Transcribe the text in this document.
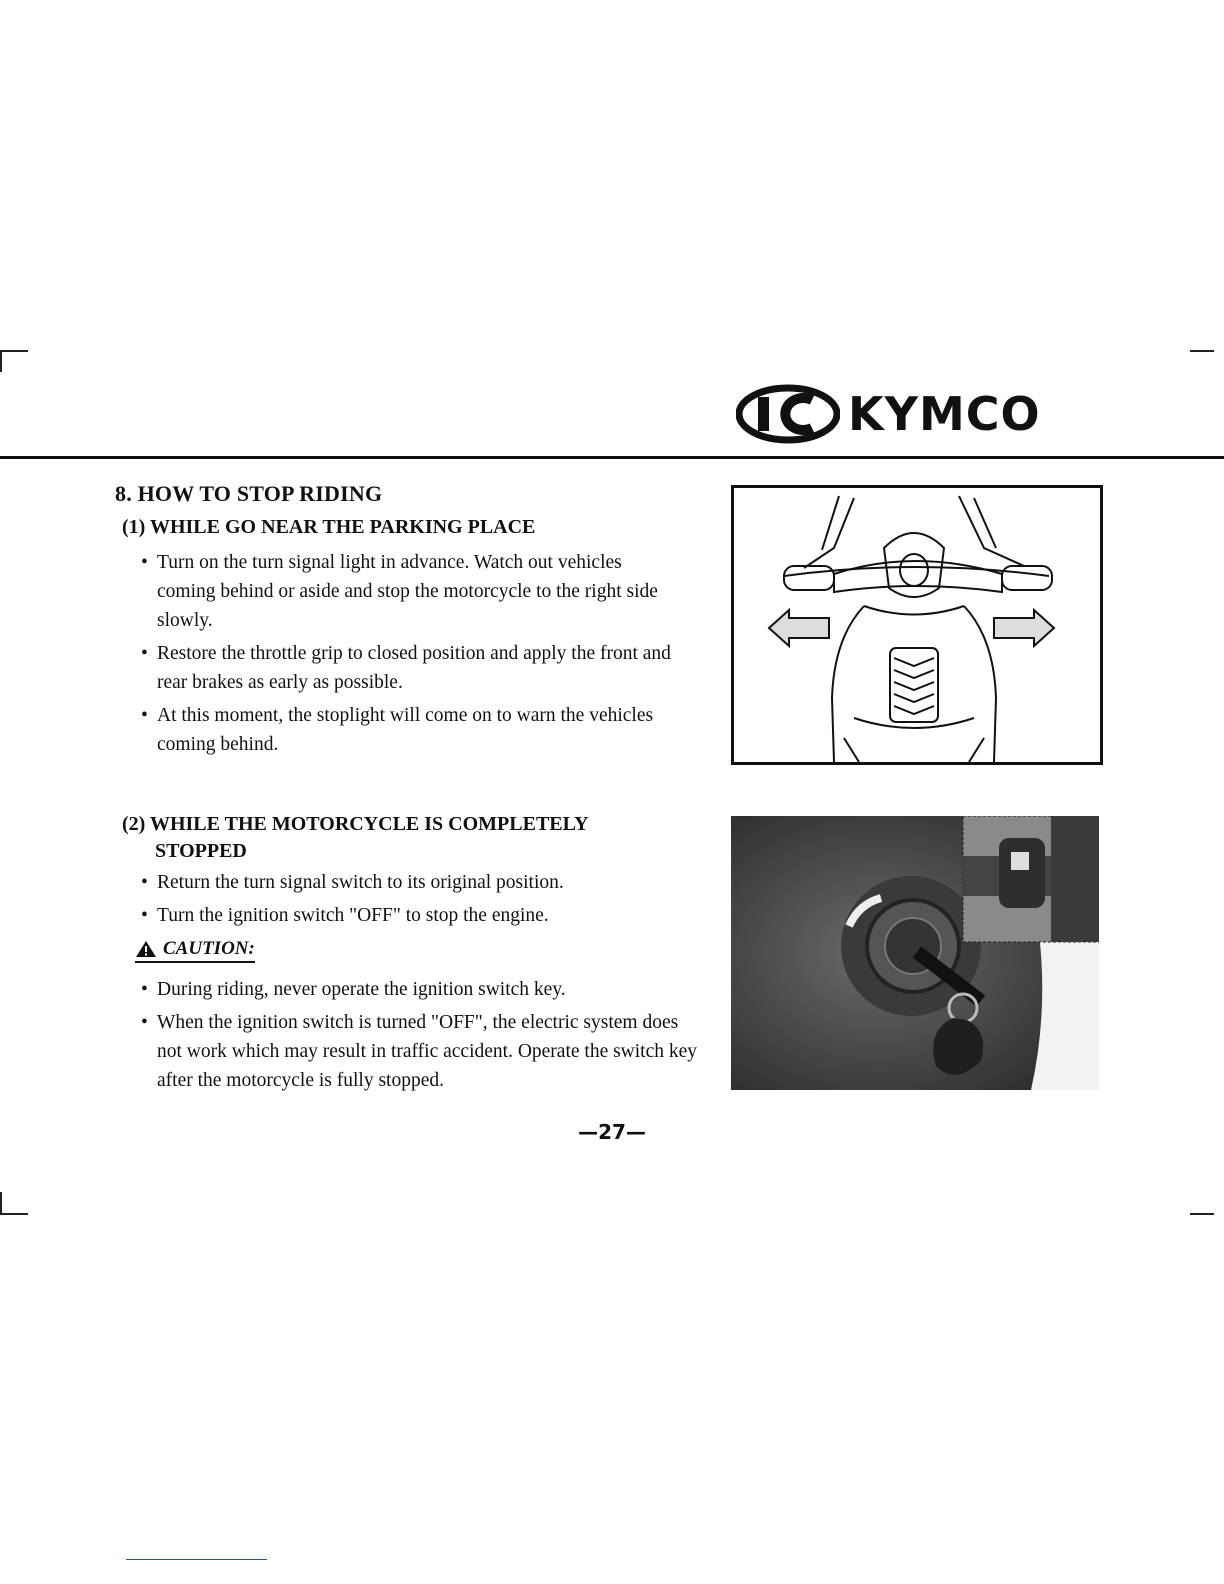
KYMCO
8. HOW TO STOP RIDING
(1) WHILE GO NEAR THE PARKING PLACE
• Turn on the turn signal light in advance. Watch out vehicles coming behind or aside and stop the motorcycle to the right side slowly.
• Restore the throttle grip to closed position and apply the front and rear brakes as early as possible.
• At this moment, the stoplight will come on to warn the vehicles coming behind.
(2) WHILE THE MOTORCYCLE IS COMPLETELY
STOPPED
• Return the turn signal switch to its original position.
• Turn the ignition switch "OFF" to stop the engine.
CAUTION:
• During riding, never operate the ignition switch key.
• When the ignition switch is turned "OFF", the electric system does not work which may result in traffic accident. Operate the switch key after the motorcycle is fully stopped.
—27—
